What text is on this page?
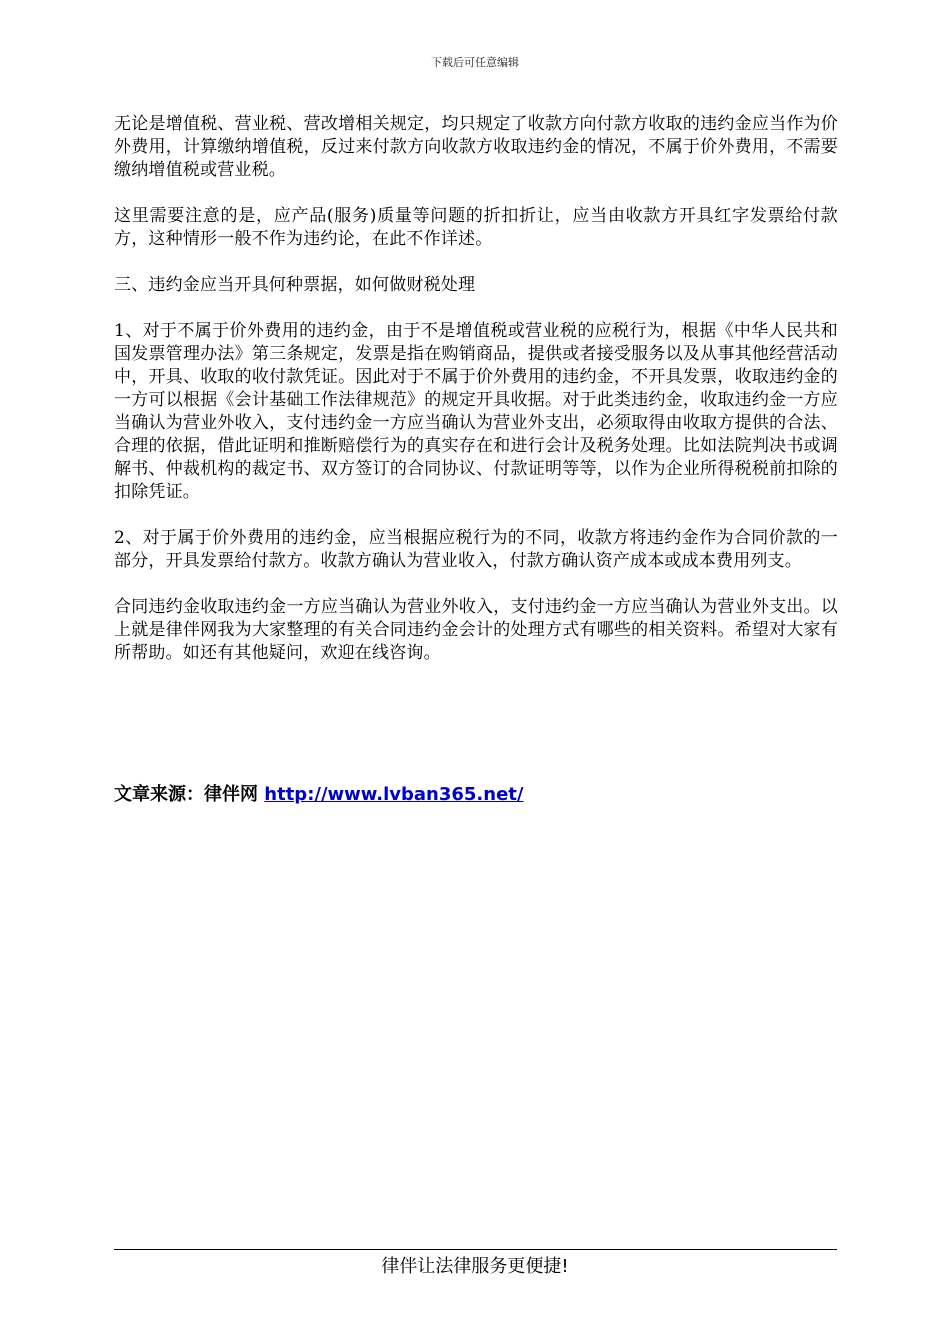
下载后可任意编辑

无论是增值税、营业税、营改增相关规定，均只规定了收款方向付款方收取的违约金应当作为价外费用，计算缴纳增值税，反过来付款方向收款方收取违约金的情况，不属于价外费用，不需要缴纳增值税或营业税。

这里需要注意的是，应产品(服务)质量等问题的折扣折让，应当由收款方开具红字发票给付款方，这种情形一般不作为违约论，在此不作详述。

三、违约金应当开具何种票据，如何做财税处理

1、对于不属于价外费用的违约金，由于不是增值税或营业税的应税行为，根据《中华人民共和国发票管理办法》第三条规定，发票是指在购销商品，提供或者接受服务以及从事其他经营活动中，开具、收取的收付款凭证。因此对于不属于价外费用的违约金，不开具发票，收取违约金的一方可以根据《会计基础工作法律规范》的规定开具收据。对于此类违约金，收取违约金一方应当确认为营业外收入，支付违约金一方应当确认为营业外支出，必须取得由收取方提供的合法、合理的依据，借此证明和推断赔偿行为的真实存在和进行会计及税务处理。比如法院判决书或调解书、仲裁机构的裁定书、双方签订的合同协议、付款证明等等，以作为企业所得税税前扣除的扣除凭证。

2、对于属于价外费用的违约金，应当根据应税行为的不同，收款方将违约金作为合同价款的一部分，开具发票给付款方。收款方确认为营业收入，付款方确认资产成本或成本费用列支。

合同违约金收取违约金一方应当确认为营业外收入，支付违约金一方应当确认为营业外支出。以上就是律伴网我为大家整理的有关合同违约金会计的处理方式有哪些的相关资料。希望对大家有所帮助。如还有其他疑问，欢迎在线咨询。

文章来源：律伴网 http://www.lvban365.net/
律伴让法律服务更便捷!
